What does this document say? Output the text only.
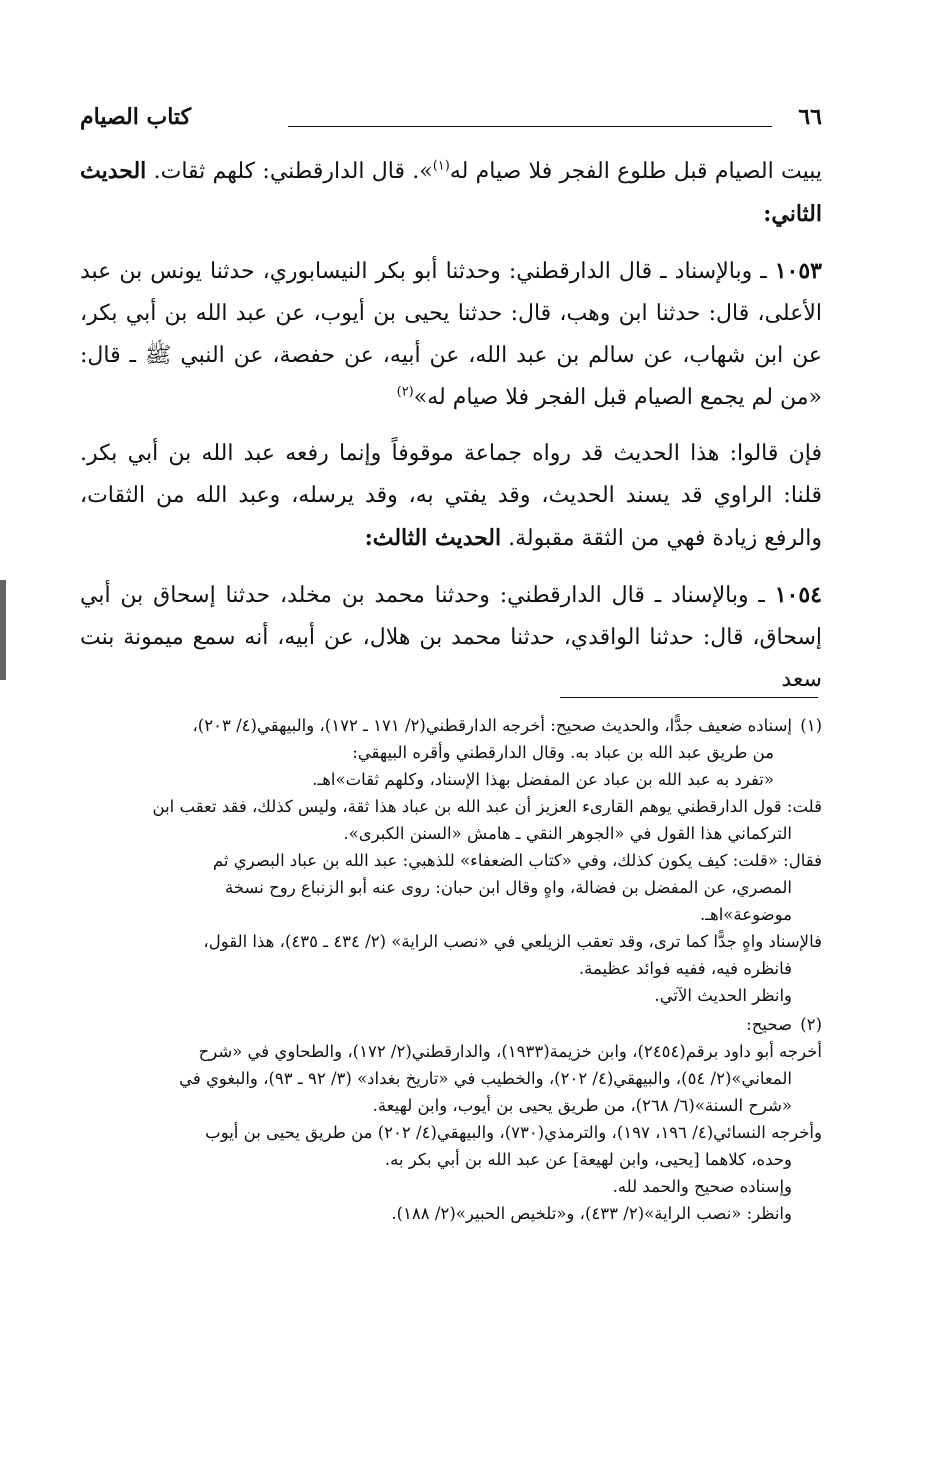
٦٦
كتاب الصيام

يبيت الصيام قبل طلوع الفجر فلا صيام له$^{(١)}$». قال الدارقطني: كلهم ثقات. الحديث الثاني:

١٠٥٣ ـ وبالإسناد ـ قال الدارقطني: وحدثنا أبو بكر النيسابوري، حدثنا يونس بن عبد الأعلى، قال: حدثنا ابن وهب، قال: حدثنا يحيى بن أيوب، عن عبد الله بن أبي بكر، عن ابن شهاب، عن سالم بن عبد الله، عن أبيه، عن حفصة، عن النبي ﷺ ـ قال: «من لم يجمع الصيام قبل الفجر فلا صيام له»$^{(٢)}$

فإن قالوا: هذا الحديث قد رواه جماعة موقوفاً وإنما رفعه عبد الله بن أبي بكر. قلنا: الراوي قد يسند الحديث، وقد يفتي به، وقد يرسله، وعبد الله من الثقات، والرفع زيادة فهي من الثقة مقبولة. الحديث الثالث:

١٠٥٤ ـ وبالإسناد ـ قال الدارقطني: وحدثنا محمد بن مخلد، حدثنا إسحاق بن أبي إسحاق، قال: حدثنا الواقدي، حدثنا محمد بن هلال، عن أبيه، أنه سمع ميمونة بنت سعد

(١)
إسناده ضعيف جدًّا، والحديث صحيح: أخرجه الدارقطني(٢/ ١٧١ ـ ١٧٢)، والبيهقي(٤/ ٢٠٣)،
من طريق عبد الله بن عباد به. وقال الدارقطني وأقره البيهقي:
«تفرد به عبد الله بن عباد عن المفضل بهذا الإسناد، وكلهم ثقات»اهـ.
قلت: قول الدارقطني يوهم القارىء العزيز أن عبد الله بن عباد هذا ثقة، وليس كذلك، فقد تعقب ابن
التركماني هذا القول في «الجوهر النقي ـ هامش «السنن الكبرى».
فقال: «قلت: كيف يكون كذلك، وفي «كتاب الضعفاء» للذهبي: عبد الله بن عباد البصري ثم
المصري، عن المفضل بن فضالة، واهٍ وقال ابن حبان: روى عنه أبو الزنباع روح نسخة
موضوعة»اهـ.
فالإسناد واهٍ جدًّا كما ترى، وقد تعقب الزيلعي في «نصب الراية» (٢/ ٤٣٤ ـ ٤٣٥)، هذا القول،
فانظره فيه، ففيه فوائد عظيمة.
وانظر الحديث الآتي.
(٢)
صحيح:
أخرجه أبو داود برقم(٢٤٥٤)، وابن خزيمة(١٩٣٣)، والدارقطني(٢/ ١٧٢)، والطحاوي في «شرح
المعاني»(٢/ ٥٤)، والبيهقي(٤/ ٢٠٢)، والخطيب في «تاريخ بغداد» (٣/ ٩٢ ـ ٩٣)، والبغوي في
«شرح السنة»(٦/ ٢٦٨)، من طريق يحيى بن أيوب، وابن لهيعة.
وأخرجه النسائي(٤/ ١٩٦، ١٩٧)، والترمذي(٧٣٠)، والبيهقي(٤/ ٢٠٢) من طريق يحيى بن أيوب
وحده، كلاهما [يحيى، وابن لهيعة] عن عبد الله بن أبي بكر به.
وإسناده صحيح والحمد لله.
وانظر: «نصب الراية»(٢/ ٤٣٣)، و«تلخيص الحبير»(٢/ ١٨٨).
